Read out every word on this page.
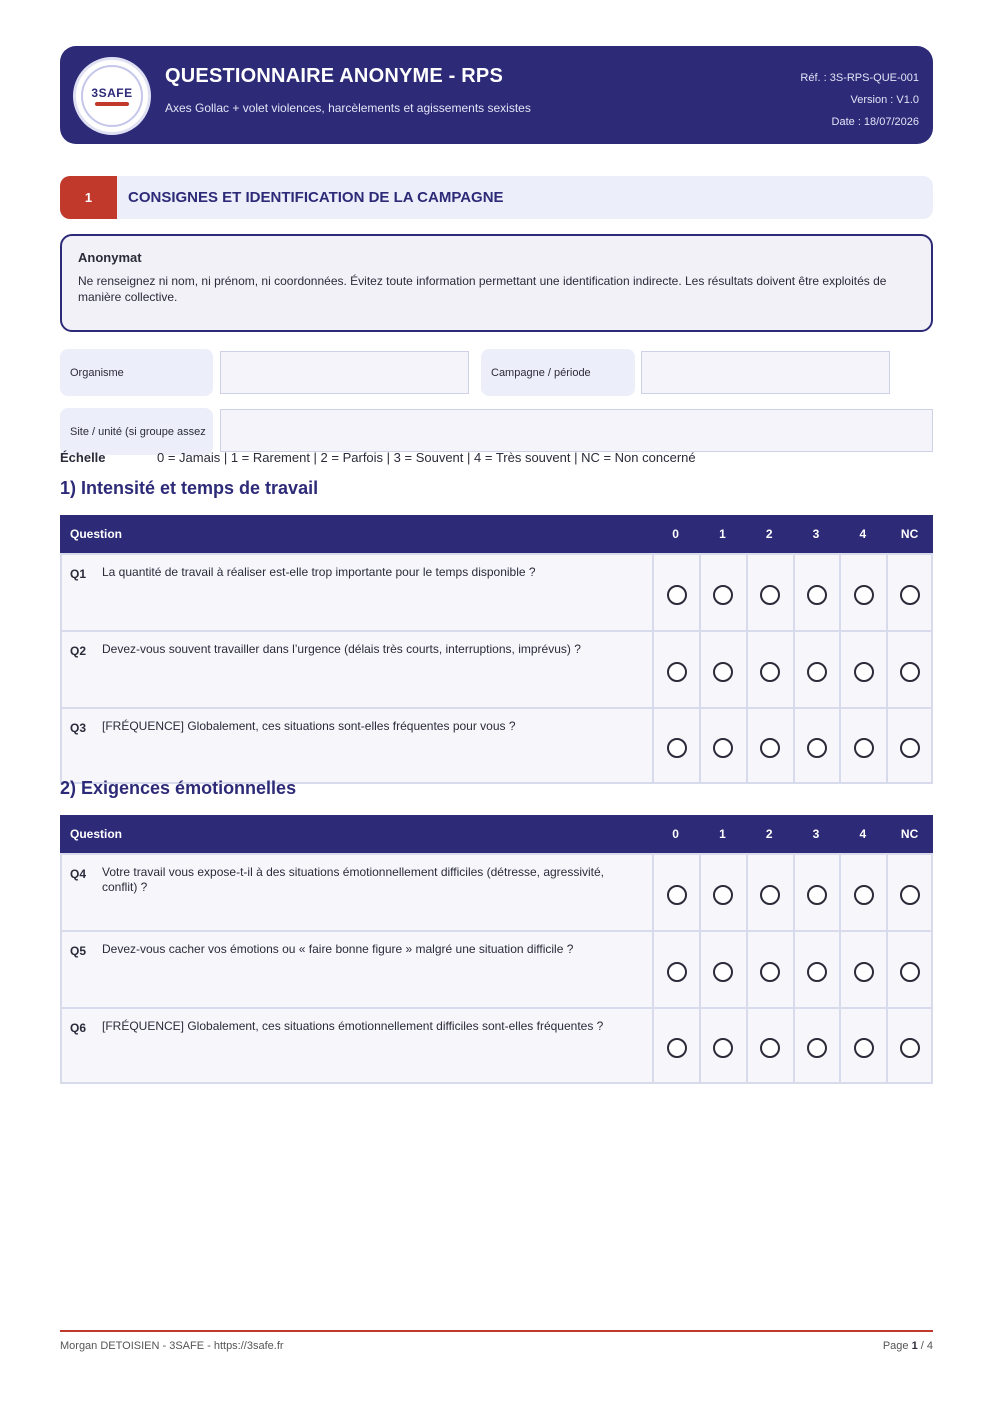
3SAFE
QUESTIONNAIRE ANONYME - RPS
Axes Gollac + volet violences, harcèlements et agissements sexistes
Réf. : 3S-RPS-QUE-001
Version : V1.0
Date : 18/07/2026
1	CONSIGNES ET IDENTIFICATION DE LA CAMPAGNE
Anonymat
Ne renseignez ni nom, ni prénom, ni coordonnées. Évitez toute information permettant une identification indirecte. Les résultats doivent être exploités de manière collective.
Organisme	Campagne / période
Site / unité (si groupe assez
Échelle	0 = Jamais | 1 = Rarement | 2 = Parfois | 3 = Souvent | 4 = Très souvent | NC = Non concerné
1) Intensité et temps de travail
Question	0	1	2	3	4	NC
Q1 La quantité de travail à réaliser est-elle trop importante pour le temps disponible ?
Q2 Devez-vous souvent travailler dans l’urgence (délais très courts, interruptions, imprévus) ?
Q3 [FRÉQUENCE] Globalement, ces situations sont-elles fréquentes pour vous ?
2) Exigences émotionnelles
Question	0	1	2	3	4	NC
Q4 Votre travail vous expose-t-il à des situations émotionnellement difficiles (détresse, agressivité, conflit) ?
Q5 Devez-vous cacher vos émotions ou « faire bonne figure » malgré une situation difficile ?
Q6 [FRÉQUENCE] Globalement, ces situations émotionnellement difficiles sont-elles fréquentes ?
Morgan DETOISIEN - 3SAFE - https://3safe.fr	Page 1 / 4
